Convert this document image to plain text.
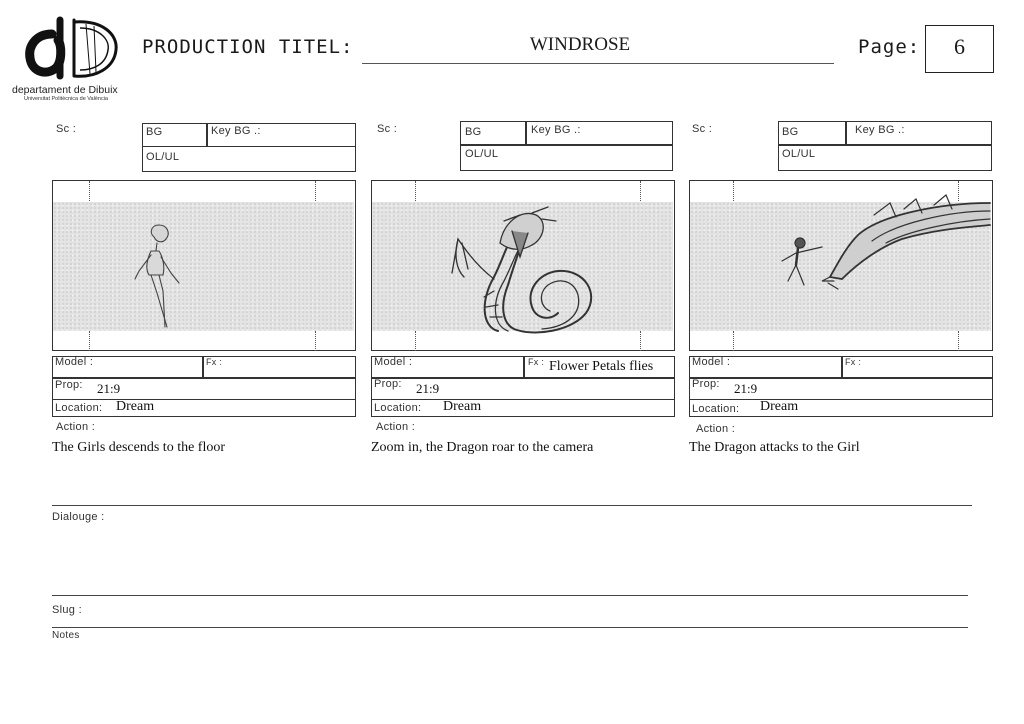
departament de Dibuix
Universitat Politècnica de València
PRODUCTION TITEL:	WINDROSE	Page:	6
Sc :	BG	Key BG .:
OL/UL
Model :	Fx :
Prop: 21:9
Location: Dream
Action :
The Girls descends to the floor
Sc :	BG	Key BG .:
OL/UL
Model :	Fx : Flower Petals flies
Prop: 21:9
Location: Dream
Action :
Zoom in, the Dragon roar to the camera
Sc :	BG	Key BG .:
OL/UL
Model :	Fx :
Prop: 21:9
Location: Dream
Action :
The Dragon attacks to the Girl
Dialouge :
Slug :
Notes
